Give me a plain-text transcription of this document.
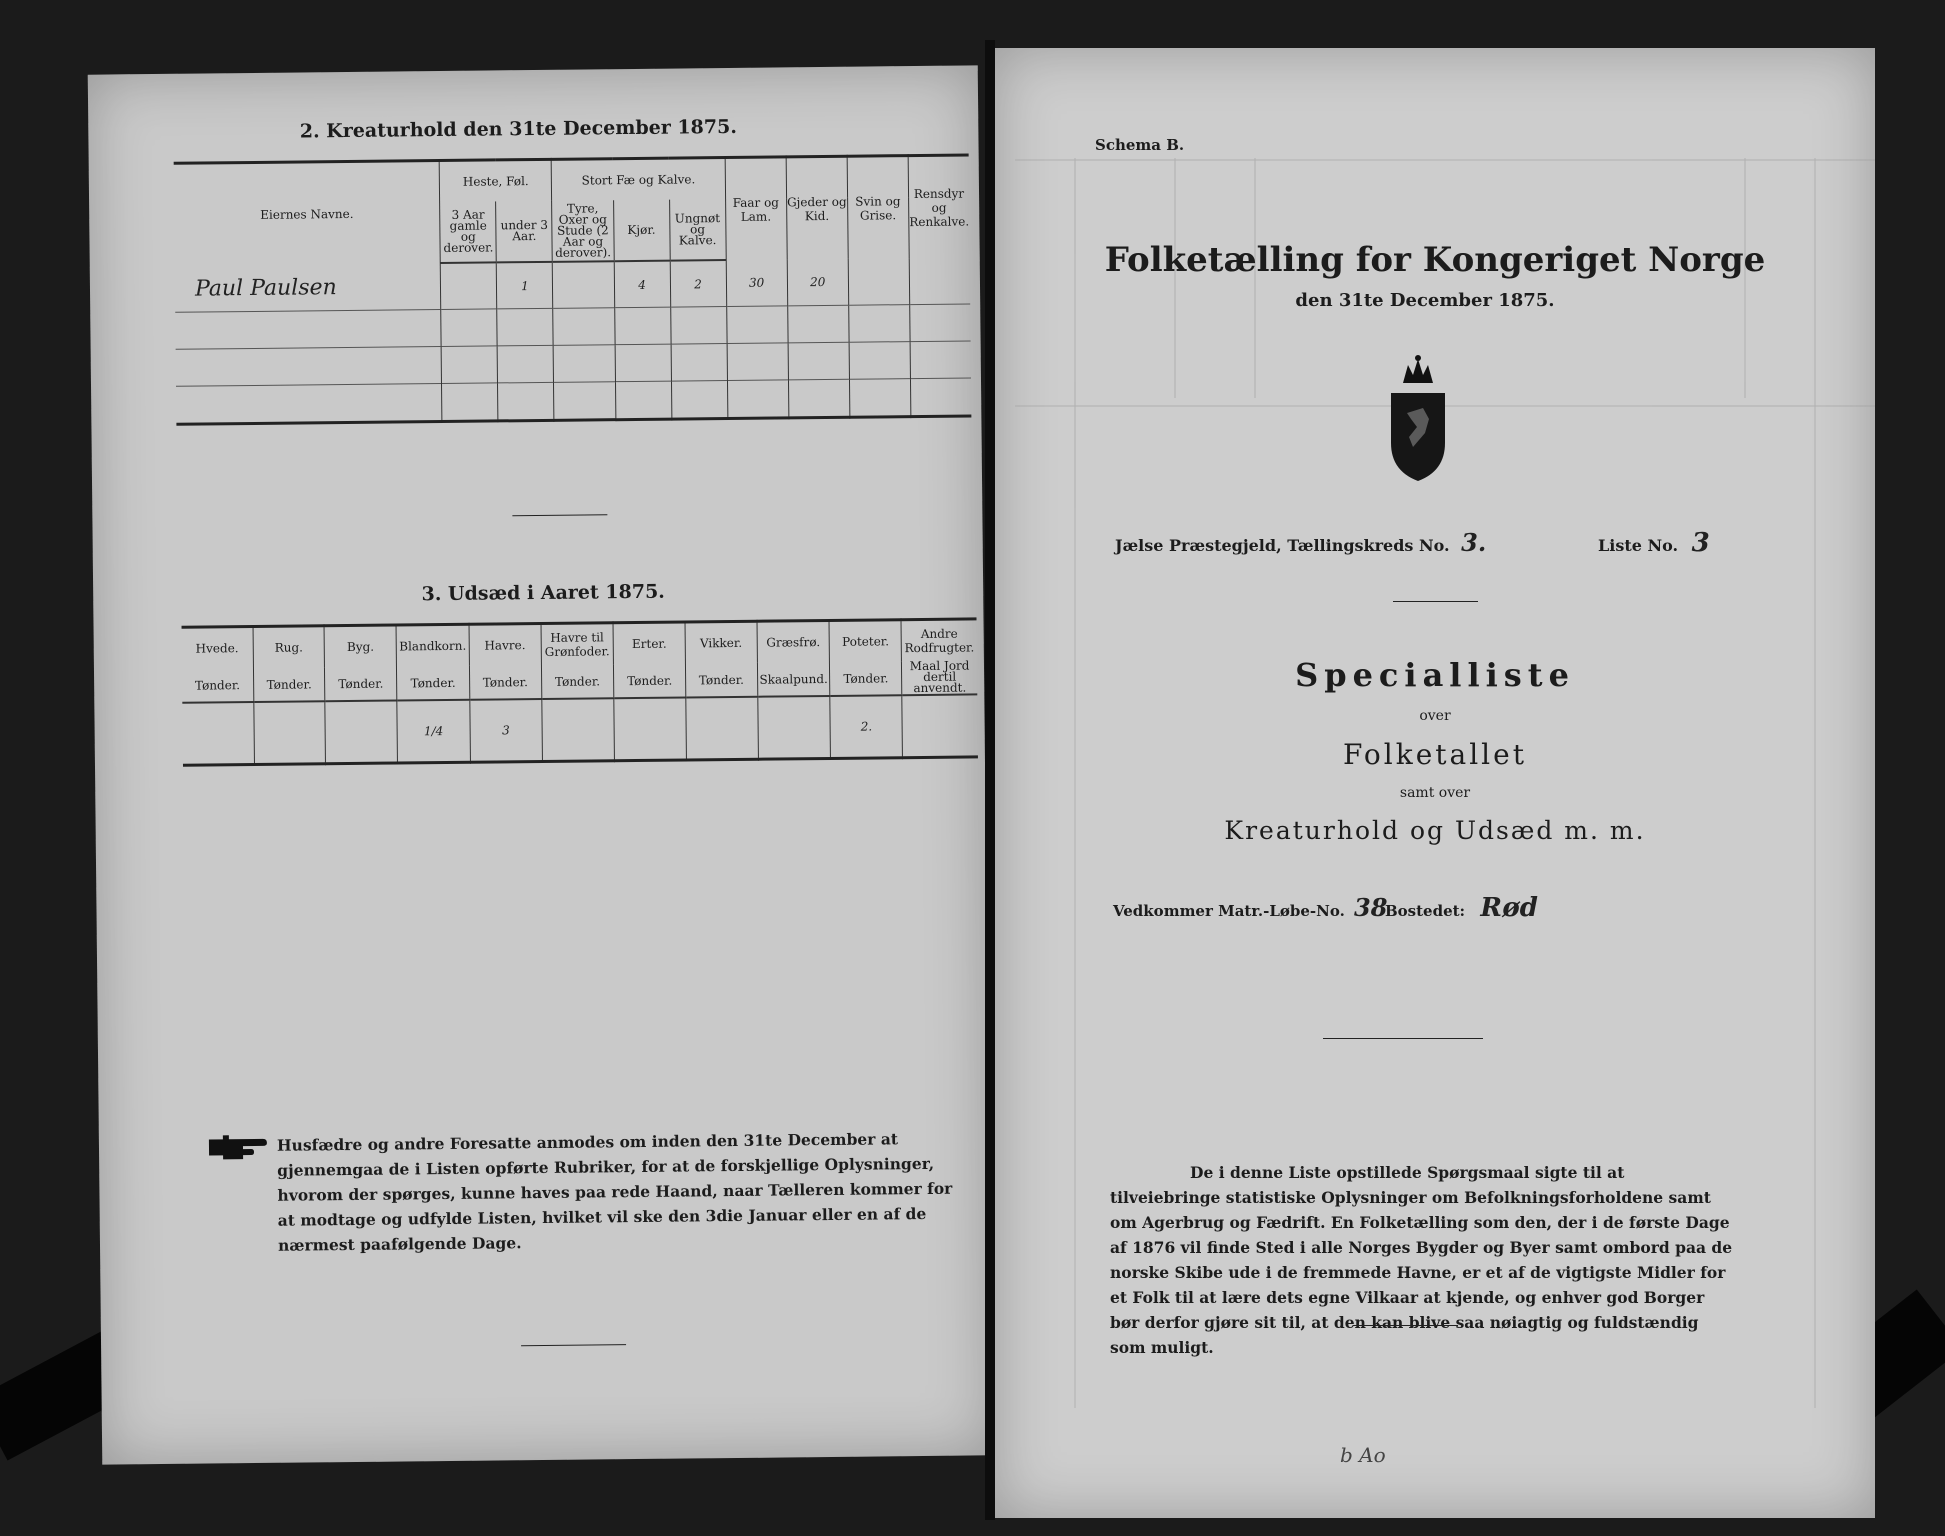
2. Kreaturhold den 31te December 1875.
Eiernes Navne.	Heste, Føl.		Stort Fæ og Kalve.			Faar og Lam.	Gjeder og Kid.	Svin og Grise.	Rensdyr og Renkalve.
	3 Aar gamle og derover.	under 3 Aar.	Tyre, Oxer og Stude (2 Aar og derover).	Kjør.	Ungnøt og Kalve.				
Paul Paulsen		1		4	2	30	20		

3. Udsæd i Aaret 1875.
Hvede.	Rug.	Byg.	Blandkorn.	Havre.	Havre til Grønfoder.	Erter.	Vikker.	Græsfrø.	Poteter.	Andre Rodfrugter.
Tønder.	Tønder.	Tønder.	Tønder.	Tønder.	Tønder.	Tønder.	Tønder.	Skaalpund.	Tønder.	Maal Jord dertil anvendt.
			1/4	3					2.	
Husfædre og andre Foresatte anmodes om inden den 31te December at gjennemgaa de i Listen opførte Rubriker, for at de forskjellige Oplysninger, hvorom der spørges, kunne haves paa rede Haand, naar Tælleren kommer for at modtage og udfylde Listen, hvilket vil ske den 3die Januar eller en af de nærmest paafølgende Dage.
Schema B.
Folketælling for Kongeriget Norge
den 31te December 1875.
Jælse Præstegjeld, Tællingskreds No. 3.	Liste No. 3
Specialliste
over
Folketallet
samt over
Kreaturhold og Udsæd m. m.
Vedkommer Matr.-Løbe-No. 38
Bostedet: Rød
De i denne Liste opstillede Spørgsmaal sigte til at tilveiebringe statistiske Oplysninger om Befolkningsforholdene samt om Agerbrug og Fædrift. En Folketælling som den, der i de første Dage af 1876 vil finde Sted i alle Norges Bygder og Byer samt ombord paa de norske Skibe ude i de fremmede Havne, er et af de vigtigste Midler for et Folk til at lære dets egne Vilkaar at kjende, og enhver god Borger bør derfor gjøre sit til, at den kan blive saa nøiagtig og fuldstændig som muligt.
b Ao
